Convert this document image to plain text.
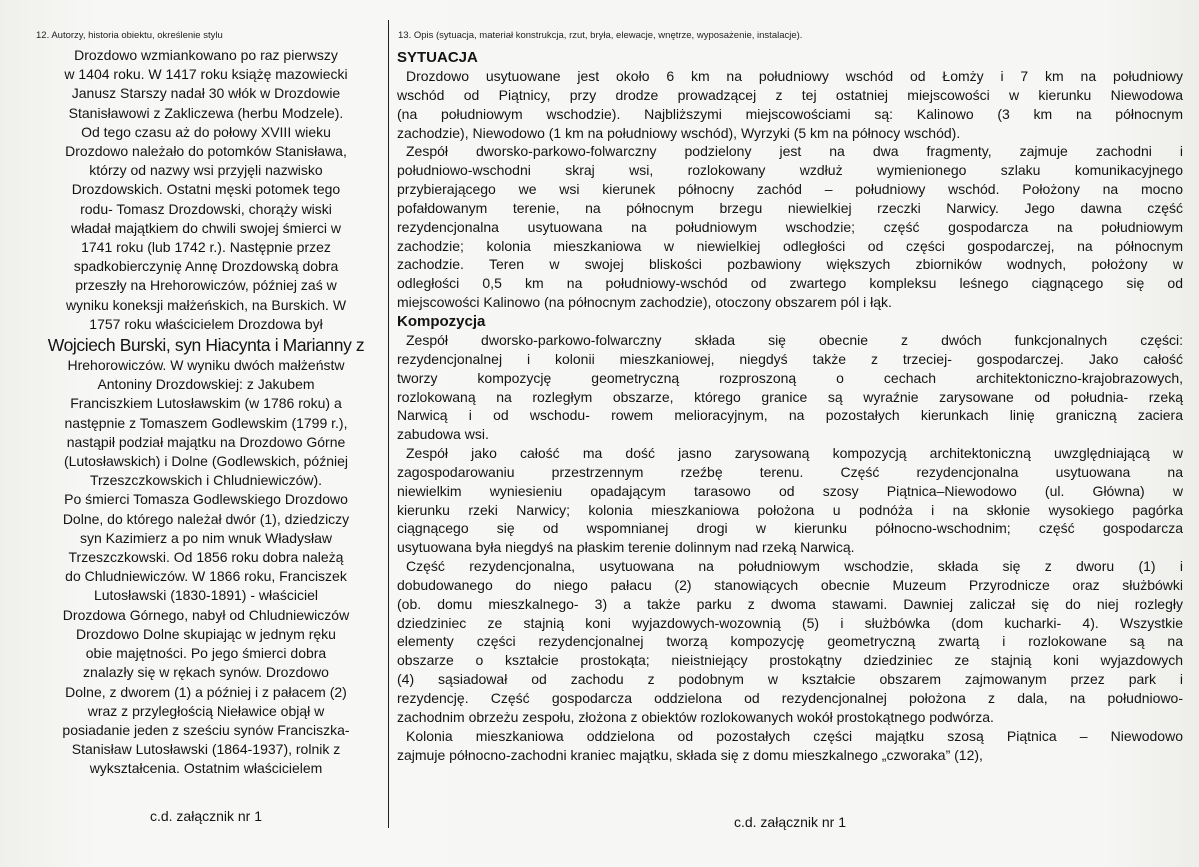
12. Autorzy, historia obiektu, określenie stylu	13. Opis (sytuacja, materiał konstrukcja, rzut, bryła, elewacje, wnętrze, wyposażenie, instalacje).
Drozdowo wzmiankowano po raz pierwszy
w 1404 roku. W 1417 roku książę mazowiecki
Janusz Starszy nadał 30 włók w Drozdowie
Stanisławowi z Zakliczewa (herbu Modzele).
Od tego czasu aż do połowy XVIII wieku
Drozdowo należało do potomków Stanisława,
którzy od nazwy wsi przyjęli nazwisko
Drozdowskich. Ostatni męski potomek tego
rodu- Tomasz Drozdowski, chorąży wiski
władał majątkiem do chwili swojej śmierci w
1741 roku (lub 1742 r.). Następnie przez
spadkobierczynię Annę Drozdowską dobra
przeszły na Hrehorowiczów, później zaś w
wyniku koneksji małżeńskich, na Burskich. W
1757 roku właścicielem Drozdowa był
Wojciech Burski, syn Hiacynta i Marianny z
Hrehorowiczów. W wyniku dwóch małżeństw
Antoniny Drozdowskiej: z Jakubem
Franciszkiem Lutosławskim (w 1786 roku) a
następnie z Tomaszem Godlewskim (1799 r.),
nastąpił podział majątku na Drozdowo Górne
(Lutosławskich) i Dolne (Godlewskich, później
Trzeszczkowskich i Chludniewiczów).
Po śmierci Tomasza Godlewskiego Drozdowo
Dolne, do którego należał dwór (1), dziedziczy
syn Kazimierz a po nim wnuk Władysław
Trzeszczkowski. Od 1856 roku dobra należą
do Chludniewiczów. W 1866 roku, Franciszek
Lutosławski (1830-1891) - właściciel
Drozdowa Górnego, nabył od Chludniewiczów
Drozdowo Dolne skupiając w jednym ręku
obie majętności. Po jego śmierci dobra
znalazły się w rękach synów. Drozdowo
Dolne, z dworem (1) a później i z pałacem (2)
wraz z przyległością Nieławice objął w
posiadanie jeden z sześciu synów Franciszka-
Stanisław Lutosławski (1864-1937), rolnik z
wykształcenia. Ostatnim właścicielem
c.d. załącznik nr 1
SYTUACJA
Drozdowo usytuowane jest około 6 km na południowy wschód od Łomży i 7 km na południowy
wschód od Piątnicy, przy drodze prowadzącej z tej ostatniej miejscowości w kierunku Niewodowa
(na południowym wschodzie). Najbliższymi miejscowościami są: Kalinowo (3 km na północnym
zachodzie), Niewodowo (1 km na południowy wschód), Wyrzyki (5 km na północy wschód).
Zespół dworsko-parkowo-folwarczny podzielony jest na dwa fragmenty, zajmuje zachodni i
południowo-wschodni skraj wsi, rozlokowany wzdłuż wymienionego szlaku komunikacyjnego
przybierającego we wsi kierunek północny zachód – południowy wschód. Położony na mocno
pofałdowanym terenie, na północnym brzegu niewielkiej rzeczki Narwicy. Jego dawna część
rezydencjonalna usytuowana na południowym wschodzie; część gospodarcza na południowym
zachodzie; kolonia mieszkaniowa w niewielkiej odległości od części gospodarczej, na północnym
zachodzie. Teren w swojej bliskości pozbawiony większych zbiorników wodnych, położony w
odległości 0,5 km na południowy-wschód od zwartego kompleksu leśnego ciągnącego się od
miejscowości Kalinowo (na północnym zachodzie), otoczony obszarem pól i łąk.
Kompozycja
Zespół dworsko-parkowo-folwarczny składa się obecnie z dwóch funkcjonalnych części:
rezydencjonalnej i kolonii mieszkaniowej, niegdyś także z trzeciej- gospodarczej. Jako całość
tworzy kompozycję geometryczną rozproszoną o cechach architektoniczno-krajobrazowych,
rozlokowaną na rozległym obszarze, którego granice są wyraźnie zarysowane od południa- rzeką
Narwicą i od wschodu- rowem melioracyjnym, na pozostałych kierunkach linię graniczną zaciera
zabudowa wsi.
Zespół jako całość ma dość jasno zarysowaną kompozycją architektoniczną uwzględniającą w
zagospodarowaniu przestrzennym rzeźbę terenu. Część rezydencjonalna usytuowana na
niewielkim wyniesieniu opadającym tarasowo od szosy Piątnica–Niewodowo (ul. Główna) w
kierunku rzeki Narwicy; kolonia mieszkaniowa położona u podnóża i na skłonie wysokiego pagórka
ciągnącego się od wspomnianej drogi w kierunku północno-wschodnim; część gospodarcza
usytuowana była niegdyś na płaskim terenie dolinnym nad rzeką Narwicą.
Część rezydencjonalna, usytuowana na południowym wschodzie, składa się z dworu (1) i
dobudowanego do niego pałacu (2) stanowiących obecnie Muzeum Przyrodnicze oraz służbówki
(ob. domu mieszkalnego- 3) a także parku z dwoma stawami. Dawniej zaliczał się do niej rozległy
dziedziniec ze stajnią koni wyjazdowych-wozownią (5) i służbówka (dom kucharki- 4). Wszystkie
elementy części rezydencjonalnej tworzą kompozycję geometryczną zwartą i rozlokowane są na
obszarze o kształcie prostokąta; nieistniejący prostokątny dziedziniec ze stajnią koni wyjazdowych
(4) sąsiadował od zachodu z podobnym w kształcie obszarem zajmowanym przez park i
rezydencję. Część gospodarcza oddzielona od rezydencjonalnej położona z dala, na południowo-
zachodnim obrzeżu zespołu, złożona z obiektów rozlokowanych wokół prostokątnego podwórza.
Kolonia mieszkaniowa oddzielona od pozostałych części majątku szosą Piątnica – Niewodowo
zajmuje północno-zachodni kraniec majątku, składa się z domu mieszkalnego „czworaka” (12),
c.d. załącznik nr 1
